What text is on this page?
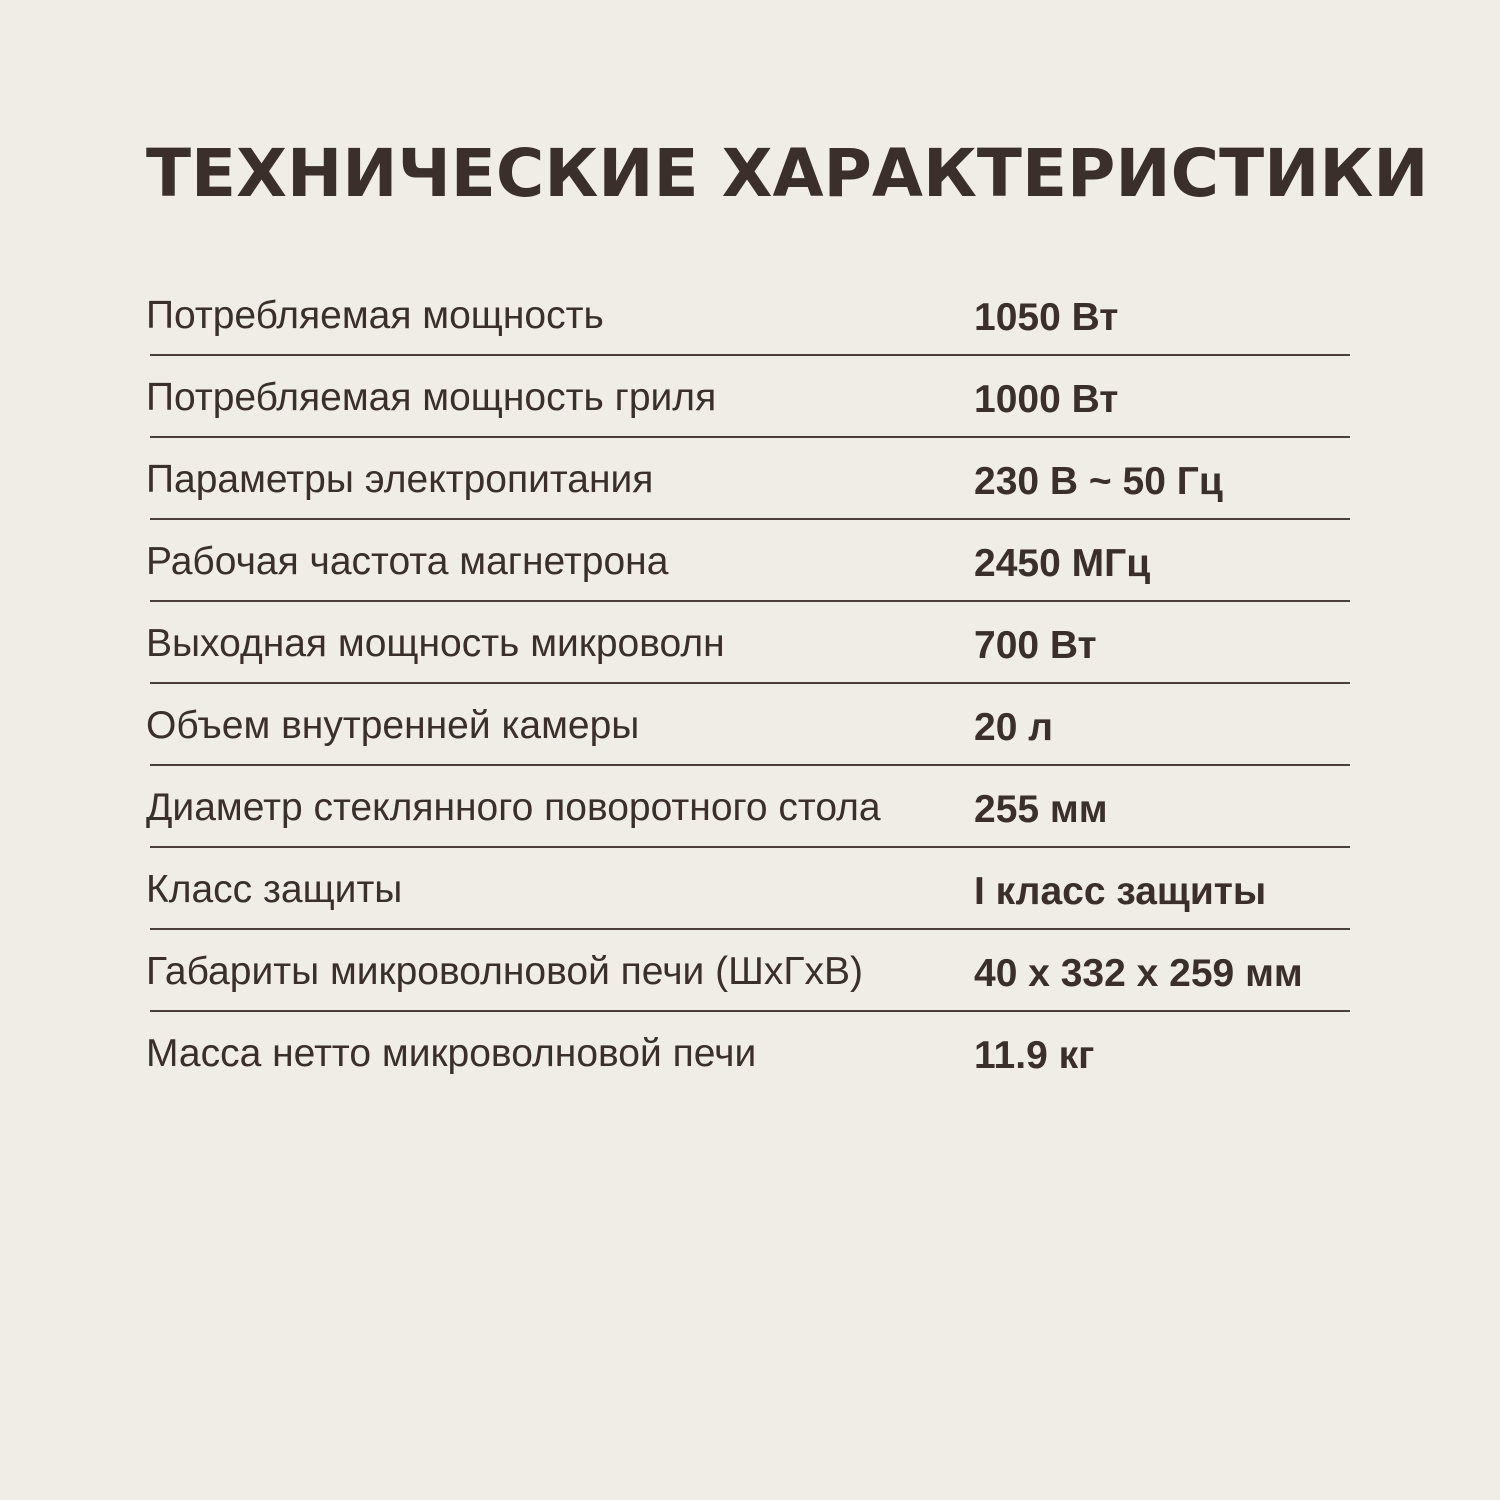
ТЕХНИЧЕСКИЕ ХАРАКТЕРИСТИКИ
Потребляемая мощность	1050 Вт
Потребляемая мощность гриля	1000 Вт
Параметры электропитания	230 В ~ 50 Гц
Рабочая частота магнетрона	2450 МГц
Выходная мощность микроволн	700 Вт
Объем внутренней камеры	20 л
Диаметр стеклянного поворотного стола 255 мм
Класс защиты	I класс защиты
Габариты микроволновой печи (ШхГхВ)	40 х 332 х 259 мм
Масса нетто микроволновой печи	11.9 кг
